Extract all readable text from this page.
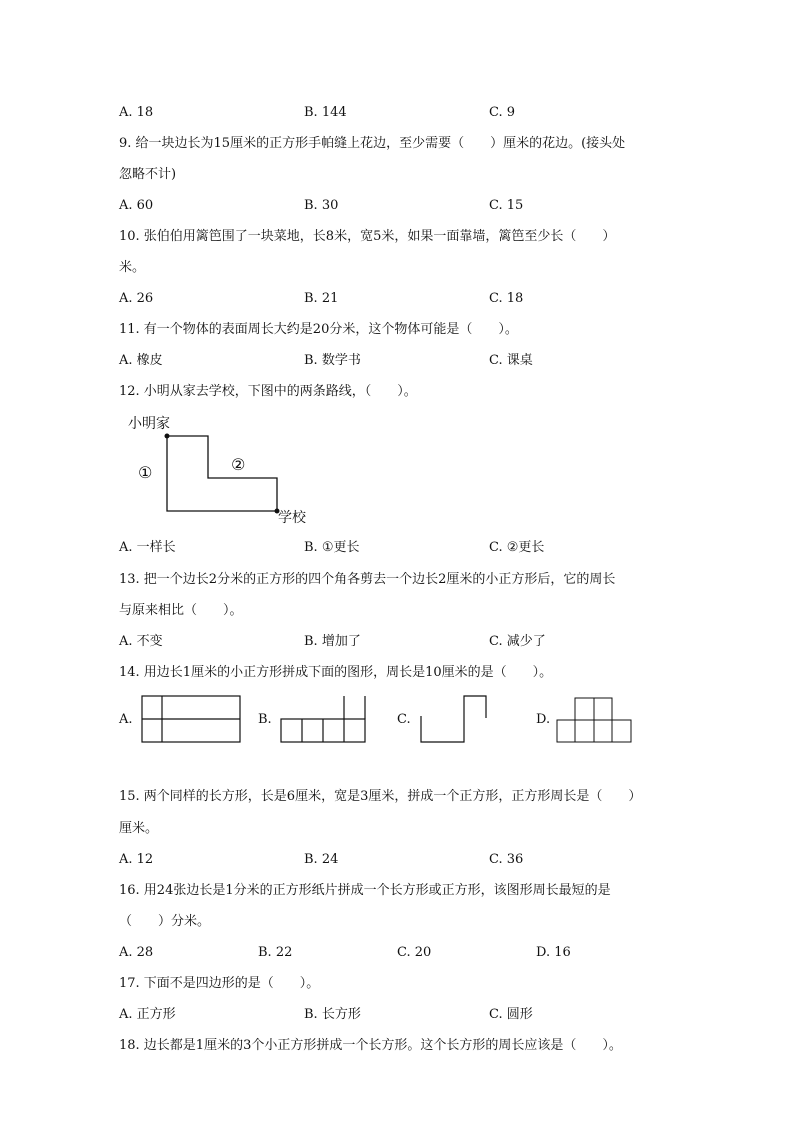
A. 18	B. 144	C. 9
9. 给一块边长为15厘米的正方形手帕缝上花边，至少需要（　　）厘米的花边。(接头处
忽略不计)
A. 60	B. 30	C. 15
10. 张伯伯用篱笆围了一块菜地，长8米，宽5米，如果一面靠墙，篱笆至少长（　　）
米。
A. 26	B. 21	C. 18
11. 有一个物体的表面周长大约是20分米，这个物体可能是（　　）。
A. 橡皮	B. 数学书	C. 课桌
12. 小明从家去学校，下图中的两条路线，（　　）。
小明家
①	②
学校
A. 一样长	B. ①更长	C. ②更长
13. 把一个边长2分米的正方形的四个角各剪去一个边长2厘米的小正方形后，它的周长
与原来相比（　　）。
A. 不变	B. 增加了	C. 减少了
14. 用边长1厘米的小正方形拼成下面的图形，周长是10厘米的是（　　）。
A.	B.	C.	D.
15. 两个同样的长方形，长是6厘米，宽是3厘米，拼成一个正方形，正方形周长是（　　）
厘米。
A. 12	B. 24	C. 36
16. 用24张边长是1分米的正方形纸片拼成一个长方形或正方形，该图形周长最短的是
（　　）分米。
A. 28	B. 22	C. 20	D. 16
17. 下面不是四边形的是（　　）。
A. 正方形	B. 长方形	C. 圆形
18. 边长都是1厘米的3个小正方形拼成一个长方形。这个长方形的周长应该是（　　）。
